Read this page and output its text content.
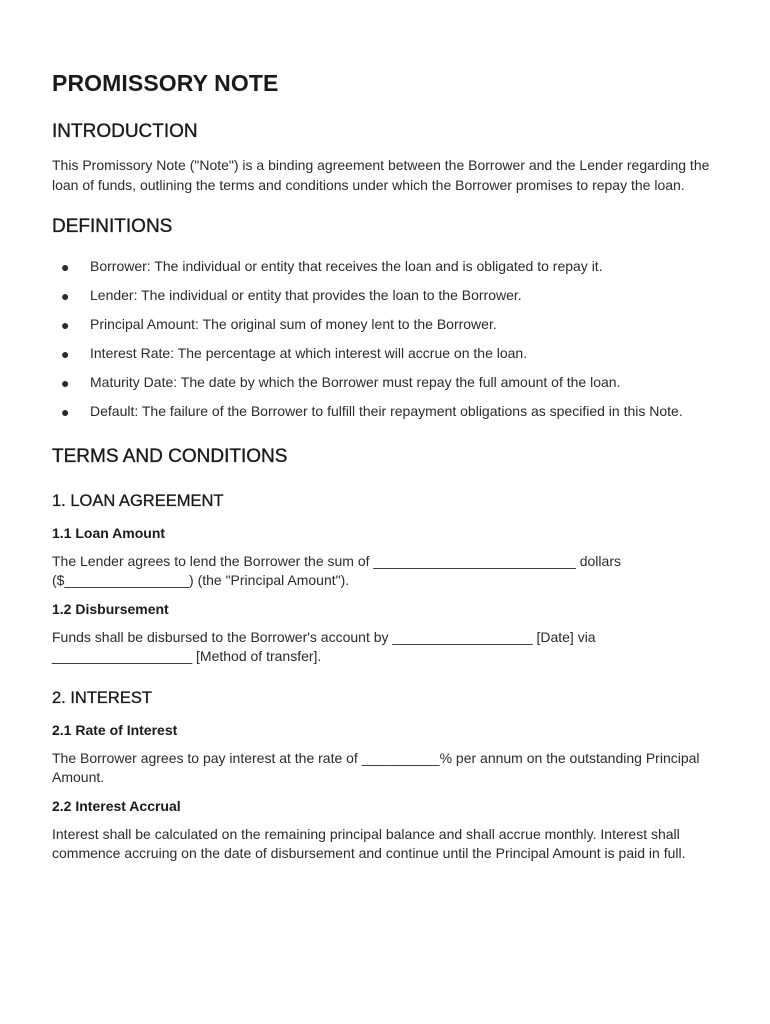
PROMISSORY NOTE
INTRODUCTION

This Promissory Note ("Note") is a binding agreement between the Borrower and the Lender regarding the loan of funds, outlining the terms and conditions under which the Borrower promises to repay the loan.

DEFINITIONS
● Borrower: The individual or entity that receives the loan and is obligated to repay it.
● Lender: The individual or entity that provides the loan to the Borrower.
● Principal Amount: The original sum of money lent to the Borrower.
● Interest Rate: The percentage at which interest will accrue on the loan.
● Maturity Date: The date by which the Borrower must repay the full amount of the loan.
● Default: The failure of the Borrower to fulfill their repayment obligations as specified in this Note.
TERMS AND CONDITIONS
1. LOAN AGREEMENT
1.1 Loan Amount

The Lender agrees to lend the Borrower the sum of __________________________ dollars ($________________) (the "Principal Amount").

1.2 Disbursement

Funds shall be disbursed to the Borrower's account by __________________ [Date] via __________________ [Method of transfer].

2. INTEREST
2.1 Rate of Interest

The Borrower agrees to pay interest at the rate of __________% per annum on the outstanding Principal Amount.

2.2 Interest Accrual

Interest shall be calculated on the remaining principal balance and shall accrue monthly. Interest shall commence accruing on the date of disbursement and continue until the Principal Amount is paid in full.
